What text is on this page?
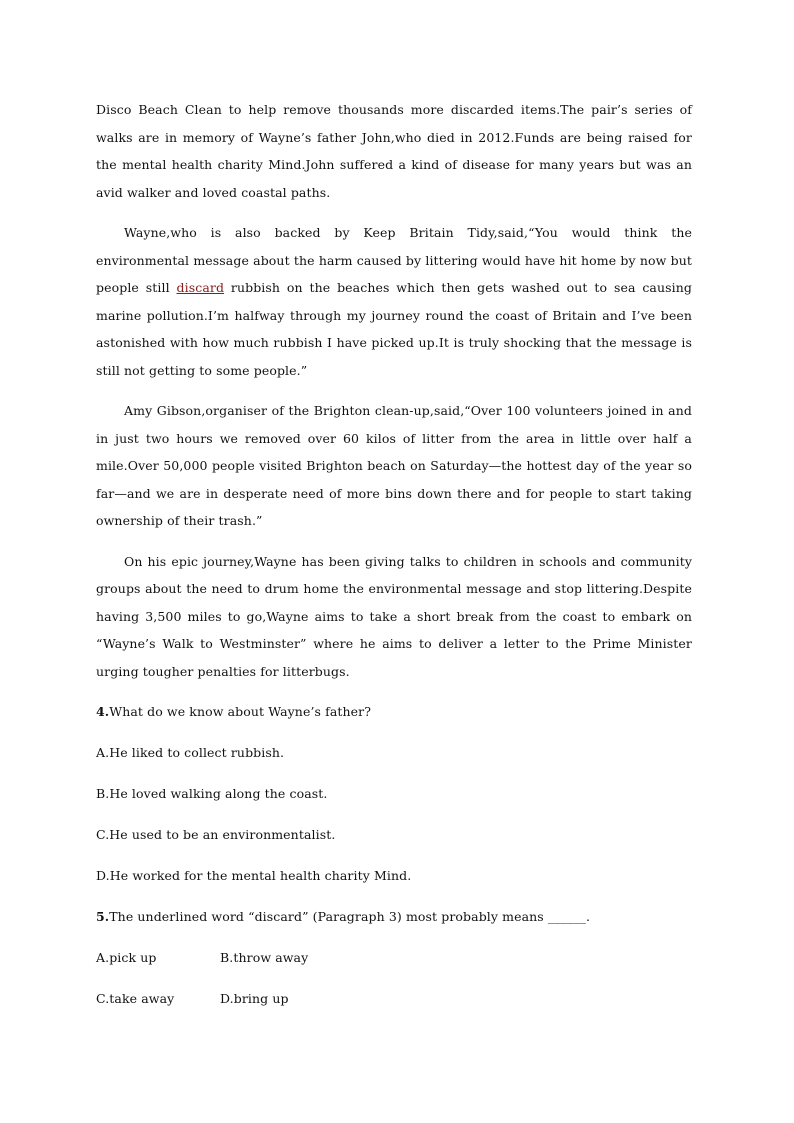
Disco Beach Clean to help remove thousands more discarded items.The pair’s series of walks are in memory of Wayne’s father John,who died in 2012.Funds are being raised for the mental health charity Mind.John suffered a kind of disease for many years but was an avid walker and loved coastal paths.

Wayne,who is also backed by Keep Britain Tidy,said,“You would think the environmental message about the harm caused by littering would have hit home by now but people still discard rubbish on the beaches which then gets washed out to sea causing marine pollution.I’m halfway through my journey round the coast of Britain and I’ve been astonished with how much rubbish I have picked up.It is truly shocking that the message is still not getting to some people.”

Amy Gibson,organiser of the Brighton clean-up,said,“Over 100 volunteers joined in and in just two hours we removed over 60 kilos of litter from the area in little over half a mile.Over 50,000 people visited Brighton beach on Saturday—the hottest day of the year so far—and we are in desperate need of more bins down there and for people to start taking ownership of their trash.”

On his epic journey,Wayne has been giving talks to children in schools and community groups about the need to drum home the environmental message and stop littering.Despite having 3,500 miles to go,Wayne aims to take a short break from the coast to embark on “Wayne’s Walk to Westminster” where he aims to deliver a letter to the Prime Minister urging tougher penalties for litterbugs.

4.What do we know about Wayne’s father?

A.He liked to collect rubbish.

B.He loved walking along the coast.

C.He used to be an environmentalist.

D.He worked for the mental health charity Mind.

5.The underlined word “discard” (Paragraph 3) most probably means ______.

A.pick up	B.throw away

C.take away	D.bring up
